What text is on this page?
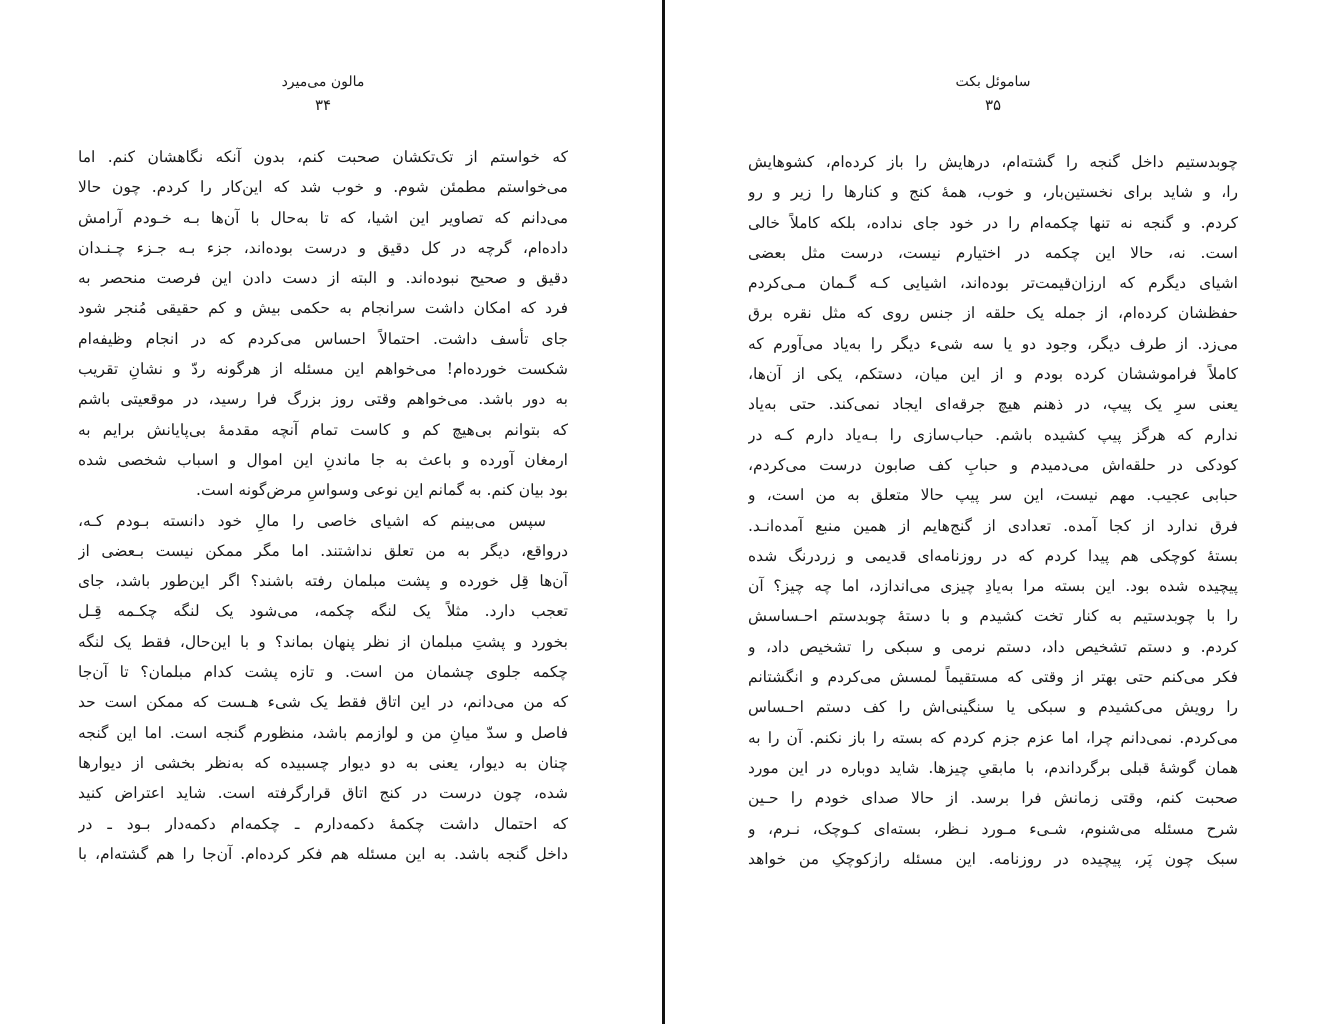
مالون می‌میرد
۳۴
که خواستم از تک‌تکشان صحبت کنم، بدون آنکه نگاهشان کنم. اما
می‌خواستم مطمئن شوم. و خوب شد که این‌کار را کردم. چون حالا
می‌دانم که تصاویر این اشیا، که تا به‌حال با آن‌ها بـه خـودم آرامش
داده‌ام، گرچه در کل دقیق و درست بوده‌اند، جزء بـه جـزء چـنـدان
دقیق و صحیح نبوده‌اند. و البته از دست دادن این فرصت منحصر به
فرد که امکان داشت سرانجام به حکمی بیش و کم حقیقی مُنجر شود
جای تأسف داشت. احتمالاً احساس می‌کردم که در انجام وظیفه‌ام
شکست خورده‌ام! می‌خواهم این مسئله از هرگونه ردّ و نشانِ تقریب
به دور باشد. می‌خواهم وقتی روز بزرگ فرا رسید، در موقعیتی باشم
که بتوانم بی‌هیچ کم و کاست تمام آنچه مقدمهٔ بی‌پایانش برایم به
ارمغان آورده و باعث به جا ماندنِ این اموال و اسباب شخصی شده
بود بیان کنم. به گمانم این نوعی وسواسِ مرض‌گونه است.
سپس می‌بینم که اشیای خاصی را مالِ خود دانسته بـودم کـه،
درواقع، دیگر به من تعلق نداشتند. اما مگر ممکن نیست بـعضی از
آن‌ها قِل خورده و پشت مبلمان رفته باشند؟ اگر این‌طور باشد، جای
تعجب دارد. مثلاً یک لنگه چکمه، می‌شود یک لنگه چکـمه قِـل
بخورد و پشتِ مبلمان از نظر پنهان بماند؟ و با این‌حال، فقط یک لنگه
چکمه جلوی چشمان من است. و تازه پشت کدام مبلمان؟ تا آن‌جا
که من می‌دانم، در این اتاق فقط یک شیء هـست که ممکن است حد
فاصل و سدّ میانِ من و لوازمم باشد، منظورم گنجه است. اما این گنجه
چنان به دیوار، یعنی به دو دیوار چسبیده که به‌نظر بخشی از دیوارها
شده، چون درست در کنج اتاق قرارگرفته است. شاید اعتراض کنید
که احتمال داشت چکمهٔ دکمه‌دارم ـ چکمه‌ام دکمه‌دار بـود ـ در
داخل گنجه باشد. به این مسئله هم فکر کرده‌ام. آن‌جا را هم گشته‌ام، با
ساموئل بکت
۳۵
چوبدستیم داخل گنجه را گشته‌ام، درهایش را باز کرده‌ام، کشوهایش
را، و شاید برای نخستین‌بار، و خوب، همهٔ کنج و کنارها را زیر و رو
کردم. و گنجه نه تنها چکمه‌ام را در خود جای نداده، بلکه کاملاً خالی
است. نه، حالا این چکمه در اختیارم نیست، درست مثل بعضی
اشیای دیگرم که ارزان‌قیمت‌تر بوده‌اند، اشیایی کـه گـمان مـی‌کردم
حفظشان کرده‌ام، از جمله یک حلقه از جنس روی که مثل نقره برق
می‌زد. از طرف دیگر، وجود دو یا سه شیء دیگر را به‌یاد می‌آورم که
کاملاً فراموششان کرده بودم و از این میان، دستکم، یکی از آن‌ها،
یعنی سرِ یک پیپ، در ذهنم هیچ جرقه‌ای ایجاد نمی‌کند. حتی به‌یاد
ندارم که هرگز پیپ کشیده باشم. حباب‌سازی را بـه‌یاد دارم کـه در
کودکی در حلقه‌اش می‌دمیدم و حبابِ کف صابون درست می‌کردم،
حبابی عجیب. مهم نیست، این سر پیپ حالا متعلق به من است، و
فرق ندارد از کجا آمده. تعدادی از گنج‌هایم از همین منبع آمده‌انـد.
بستهٔ کوچکی هم پیدا کردم که در روزنامه‌ای قدیمی و زردرنگ شده
پیچیده شده بود. این بسته مرا به‌یادِ چیزی می‌اندازد، اما چه چیز؟ آن
را با چوبدستیم به کنار تخت کشیدم و با دستهٔ چوبدستم احـساسش
کردم. و دستم تشخیص داد، دستم نرمی و سبکی را تشخیص داد، و
فکر می‌کنم حتی بهتر از وقتی که مستقیماً لمسش می‌کردم و انگشتانم
را رویش می‌کشیدم و سبکی یا سنگینی‌اش را کف دستم احـساس
می‌کردم. نمی‌دانم چرا، اما عزم جزم کردم که بسته را باز نکنم. آن را به
همان گوشهٔ قبلی برگرداندم، با مابقیِ چیزها. شاید دوباره در این مورد
صحبت کنم، وقتی زمانش فرا برسد. از حالا صدای خودم را حـین
شرح مسئله می‌شنوم، شـیء مـورد نـظر، بسته‌ای کـوچک، نـرم، و
سبک چون پَر، پیچیده در روزنامه. این مسئله رازکوچکِ من خواهد
